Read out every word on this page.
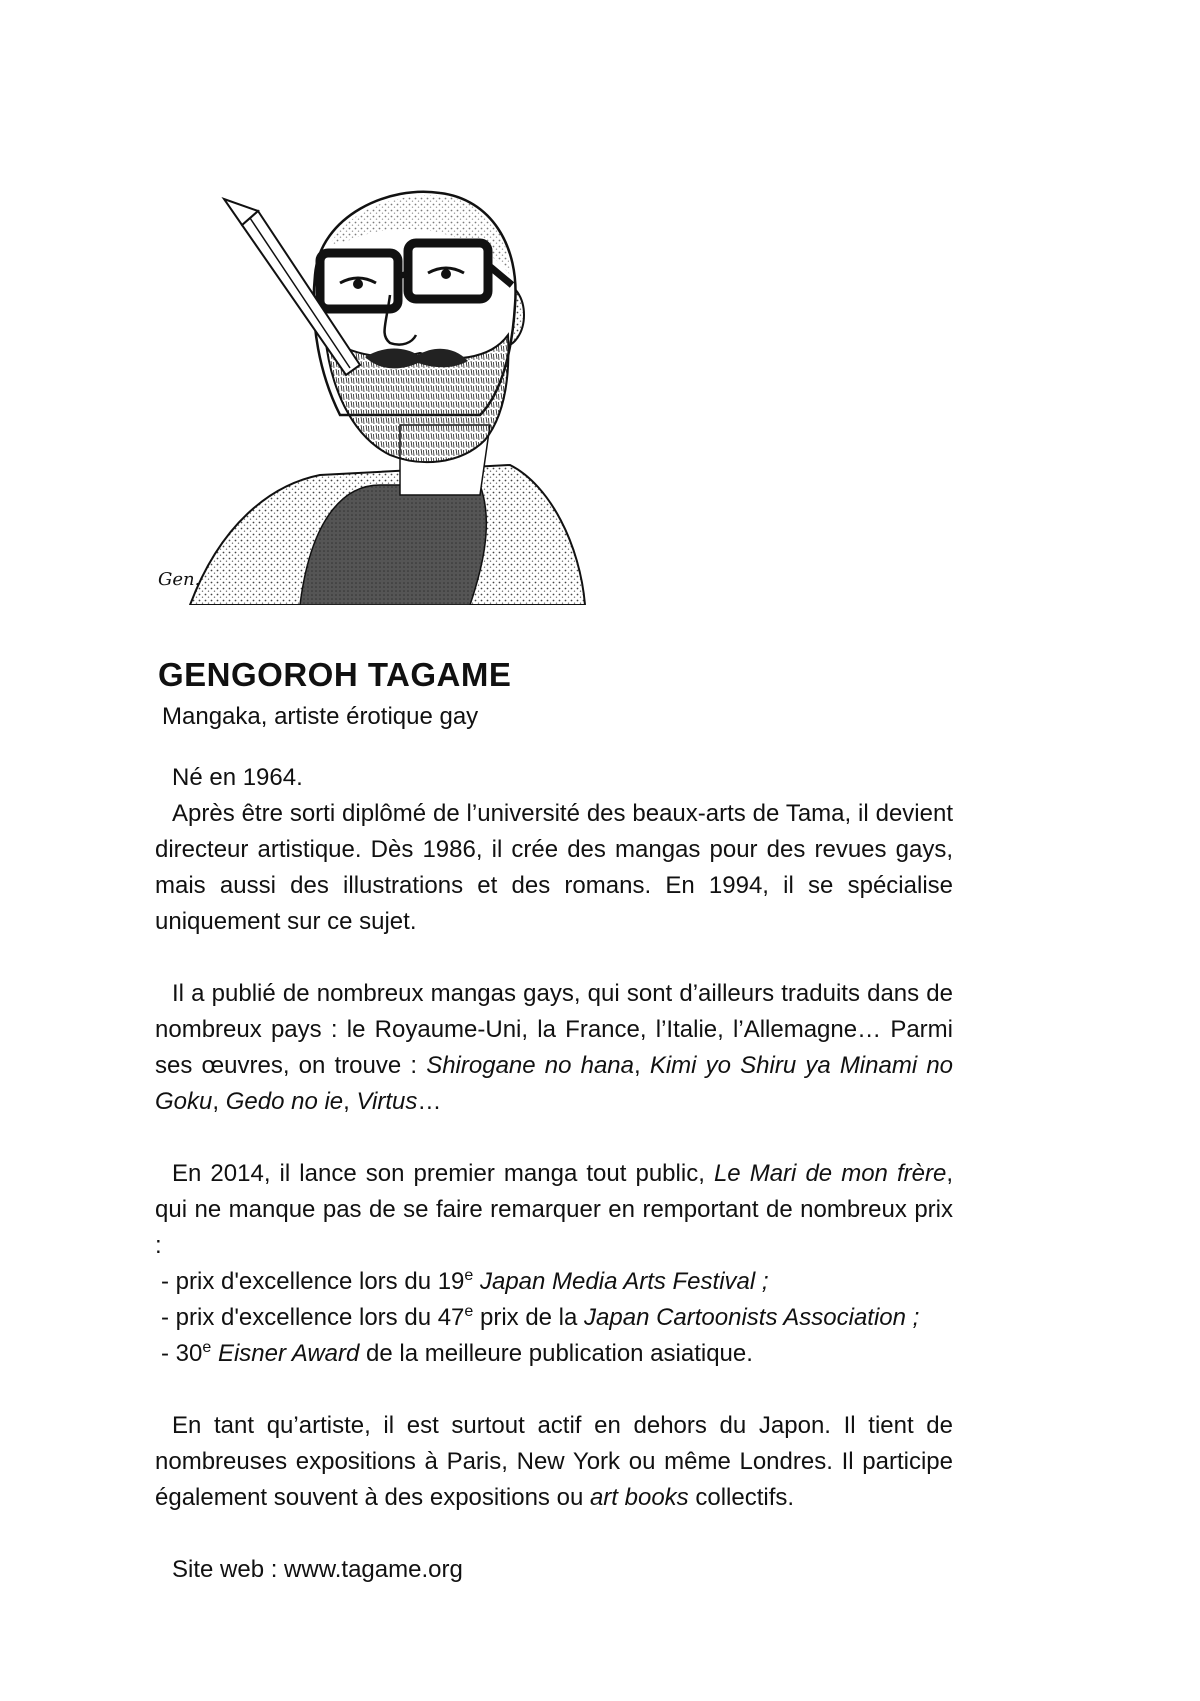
Gen.
GENGOROH TAGAME

Mangaka, artiste érotique gay

Né en 1964.

Après être sorti diplômé de l’université des beaux-arts de Tama, il devient directeur artistique. Dès 1986, il crée des mangas pour des revues gays, mais aussi des illustrations et des romans. En 1994, il se spécialise uniquement sur ce sujet.

Il a publié de nombreux mangas gays, qui sont d’ailleurs traduits dans de nombreux pays : le Royaume-Uni, la France, l’Italie, l’Allemagne… Parmi ses œuvres, on trouve : Shirogane no hana, Kimi yo Shiru ya Minami no Goku, Gedo no ie, Virtus…

En 2014, il lance son premier manga tout public, Le Mari de mon frère, qui ne manque pas de se faire remarquer en remportant de nombreux prix :

- prix d'excellence lors du 19e Japan Media Arts Festival ;
- prix d'excellence lors du 47e prix de la Japan Cartoonists Association ;
- 30e Eisner Award de la meilleure publication asiatique.

En tant qu’artiste, il est surtout actif en dehors du Japon. Il tient de nombreuses expositions à Paris, New York ou même Londres. Il participe également souvent à des expositions ou art books collectifs.

Site web : www.tagame.org
